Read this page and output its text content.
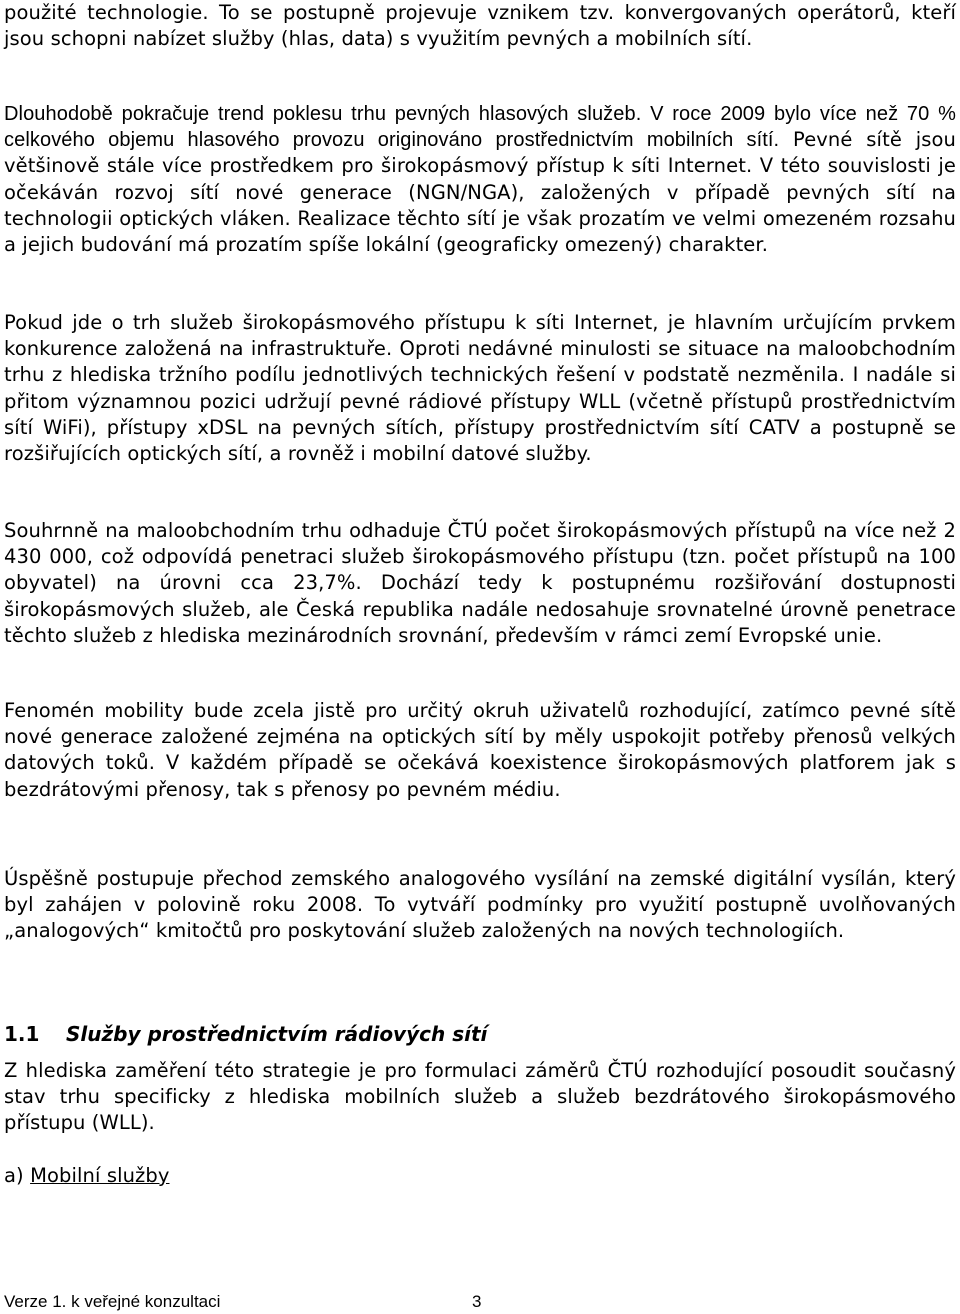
použité technologie. To se postupně projevuje vznikem tzv. konvergovaných operátorů, kteří jsou schopni nabízet služby (hlas, data) s využitím pevných a mobilních sítí.

Dlouhodobě pokračuje trend poklesu trhu pevných hlasových služeb. V roce 2009 bylo více než 70 % celkového objemu hlasového provozu originováno prostřednictvím mobilních sítí. Pevné sítě jsou většinově stále více prostředkem pro širokopásmový přístup k síti Internet. V této souvislosti je očekáván rozvoj sítí nové generace (NGN/NGA), založených v případě pevných sítí na technologii optických vláken. Realizace těchto sítí je však prozatím ve velmi omezeném rozsahu a jejich budování má prozatím spíše lokální (geograficky omezený) charakter.

Pokud jde o trh služeb širokopásmového přístupu k síti Internet, je hlavním určujícím prvkem konkurence založená na infrastruktuře. Oproti nedávné minulosti se situace na maloobchodním trhu z hlediska tržního podílu jednotlivých technických řešení v podstatě nezměnila. I nadále si přitom významnou pozici udržují pevné rádiové přístupy WLL (včetně přístupů prostřednictvím sítí WiFi), přístupy xDSL na pevných sítích, přístupy prostřednictvím sítí CATV a postupně se rozšiřujících optických sítí, a rovněž i mobilní datové služby.

Souhrnně na maloobchodním trhu odhaduje ČTÚ počet širokopásmových přístupů na více než 2 430 000, což odpovídá penetraci služeb širokopásmového přístupu (tzn. počet přístupů na 100 obyvatel) na úrovni cca 23,7%. Dochází tedy k postupnému rozšiřování dostupnosti širokopásmových služeb, ale Česká republika nadále nedosahuje srovnatelné úrovně penetrace těchto služeb z hlediska mezinárodních srovnání, především v rámci zemí Evropské unie.

Fenomén mobility bude zcela jistě pro určitý okruh uživatelů rozhodující, zatímco pevné sítě nové generace založené zejména na optických sítí by měly uspokojit potřeby přenosů velkých datových toků. V každém případě se očekává koexistence širokopásmových platforem jak s bezdrátovými přenosy, tak s přenosy po pevném médiu.

Úspěšně postupuje přechod zemského analogového vysílání na zemské digitální vysílán, který byl zahájen v polovině roku 2008. To vytváří podmínky pro využití postupně uvolňovaných „analogových“ kmitočtů pro poskytování služeb založených na nových technologiích.

1.1 Služby prostřednictvím rádiových sítí

Z hlediska zaměření této strategie je pro formulaci záměrů ČTÚ rozhodující posoudit současný stav trhu specificky z hlediska mobilních služeb a služeb bezdrátového širokopásmového přístupu (WLL).

a) Mobilní služby

Verze 1. k veřejné konzultaci	3
